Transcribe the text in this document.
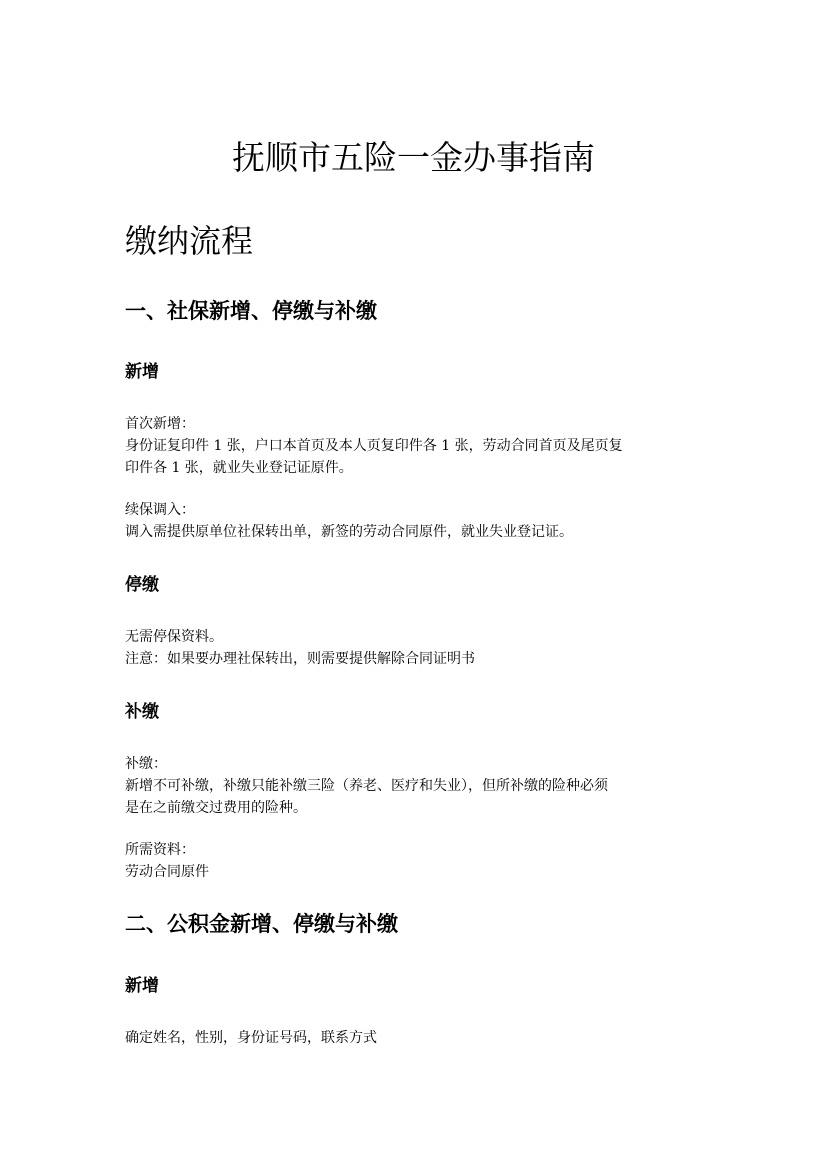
抚顺市五险一金办事指南
缴纳流程
一、社保新增、停缴与补缴
新增

首次新增：
身份证复印件 1 张，户口本首页及本人页复印件各 1 张，劳动合同首页及尾页复
印件各 1 张，就业失业登记证原件。

续保调入：
调入需提供原单位社保转出单，新签的劳动合同原件，就业失业登记证。

停缴

无需停保资料。
注意：如果要办理社保转出，则需要提供解除合同证明书

补缴

补缴：
新增不可补缴，补缴只能补缴三险（养老、医疗和失业），但所补缴的险种必须
是在之前缴交过费用的险种。

所需资料：
劳动合同原件

二、公积金新增、停缴与补缴
新增

确定姓名，性别，身份证号码，联系方式
